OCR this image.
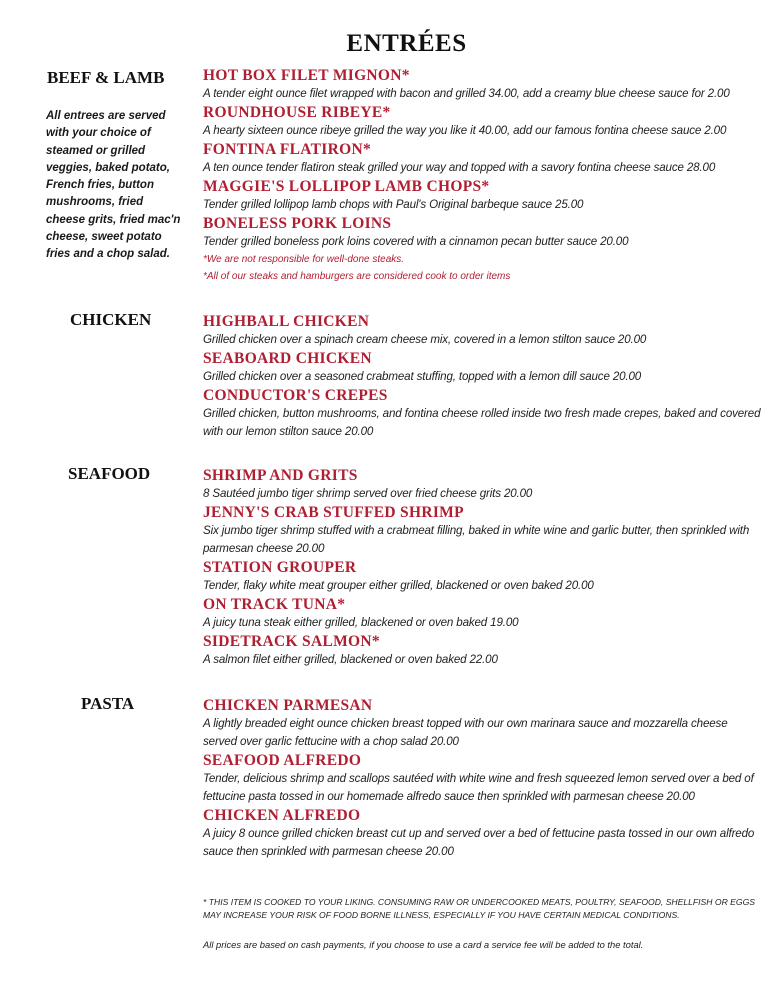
ENTRÉES
BEEF & LAMB
All entrees are served
with your choice of
steamed or grilled
veggies, baked potato,
French fries, button
mushrooms, fried
cheese grits, fried mac'n
cheese, sweet potato
fries and a chop salad.
HOT BOX FILET MIGNON*
A tender eight ounce filet wrapped with bacon and grilled 34.00, add a creamy blue cheese sauce for 2.00
ROUNDHOUSE RIBEYE*
A hearty sixteen ounce ribeye grilled the way you like it 40.00, add our famous fontina cheese sauce 2.00
FONTINA FLATIRON*
A ten ounce tender flatiron steak grilled your way and topped with a savory fontina cheese sauce 28.00
MAGGIE'S LOLLIPOP LAMB CHOPS*
Tender grilled lollipop lamb chops with Paul's Original barbeque sauce 25.00
BONELESS PORK LOINS
Tender grilled boneless pork loins covered with a cinnamon pecan butter sauce 20.00
*We are not responsible for well-done steaks.
*All of our steaks and hamburgers are considered cook to order items
CHICKEN	HIGHBALL CHICKEN
Grilled chicken over a spinach cream cheese mix, covered in a lemon stilton sauce 20.00
SEABOARD CHICKEN
Grilled chicken over a seasoned crabmeat stuffing, topped with a lemon dill sauce 20.00
CONDUCTOR'S CREPES
Grilled chicken, button mushrooms, and fontina cheese rolled inside two fresh made crepes, baked and covered with our lemon stilton sauce 20.00
SEAFOOD	SHRIMP AND GRITS
8 Sautéed jumbo tiger shrimp served over fried cheese grits 20.00
JENNY'S CRAB STUFFED SHRIMP
Six jumbo tiger shrimp stuffed with a crabmeat filling, baked in white wine and garlic butter, then sprinkled with parmesan cheese 20.00
STATION GROUPER
Tender, flaky white meat grouper either grilled, blackened or oven baked 20.00
ON TRACK TUNA*
A juicy tuna steak either grilled, blackened or oven baked 19.00
SIDETRACK SALMON*
A salmon filet either grilled, blackened or oven baked 22.00
PASTA	CHICKEN PARMESAN
A lightly breaded eight ounce chicken breast topped with our own marinara sauce and mozzarella cheese served over garlic fettucine with a chop salad 20.00
SEAFOOD ALFREDO
Tender, delicious shrimp and scallops sautéed with white wine and fresh squeezed lemon served over a bed of fettucine pasta tossed in our homemade alfredo sauce then sprinkled with parmesan cheese 20.00
CHICKEN ALFREDO
A juicy 8 ounce grilled chicken breast cut up and served over a bed of fettucine pasta tossed in our own alfredo sauce then sprinkled with parmesan cheese 20.00
* THIS ITEM IS COOKED TO YOUR LIKING. CONSUMING RAW OR UNDERCOOKED MEATS, POULTRY, SEAFOOD, SHELLFISH OR EGGS MAY INCREASE YOUR RISK OF FOOD BORNE ILLNESS, ESPECIALLY IF YOU HAVE CERTAIN MEDICAL CONDITIONS.
All prices are based on cash payments, if you choose to use a card a service fee will be added to the total.
